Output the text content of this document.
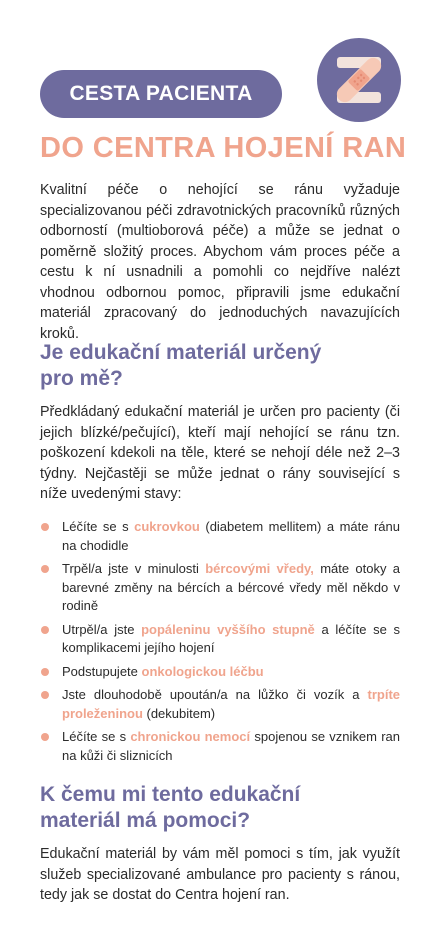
CESTA PACIENTA
DO CENTRA HOJENÍ RAN

Kvalitní péče o nehojící se ránu vyžaduje specializovanou péči zdravotnických pracovníků různých odborností (multioborová péče) a může se jednat o poměrně složitý proces. Abychom vám proces péče a cestu k ní usnadnili a pomohli co nejdříve nalézt vhodnou odbornou pomoc, připravili jsme edukační materiál zpracovaný do jednoduchých navazujících kroků.

Je edukační materiál určený
pro mě?

Předkládaný edukační materiál je určen pro pacienty (či jejich blízké/pečující), kteří mají nehojící se ránu tzn. poškození kdekoli na těle, které se nehojí déle než 2–3 týdny. Nejčastěji se může jednat o rány související s níže uvedenými stavy:

Léčíte se s cukrovkou (diabetem mellitem) a máte ránu na chodidle
Trpěl/a jste v minulosti bércovými vředy, máte otoky a barevné změny na bércích a bércové vředy měl někdo v rodině
Utrpěl/a jste popáleninu vyššího stupně a léčíte se s komplikacemi jejího hojení
Podstupujete onkologickou léčbu
Jste dlouhodobě upoután/a na lůžko či vozík a trpíte proleženinou (dekubitem)
Léčíte se s chronickou nemocí spojenou se vznikem ran na kůži či sliznicích
K čemu mi tento edukační
materiál má pomoci?

Edukační materiál by vám měl pomoci s tím, jak využít služeb specializované ambulance pro pacienty s ránou, tedy jak se dostat do Centra hojení ran.
